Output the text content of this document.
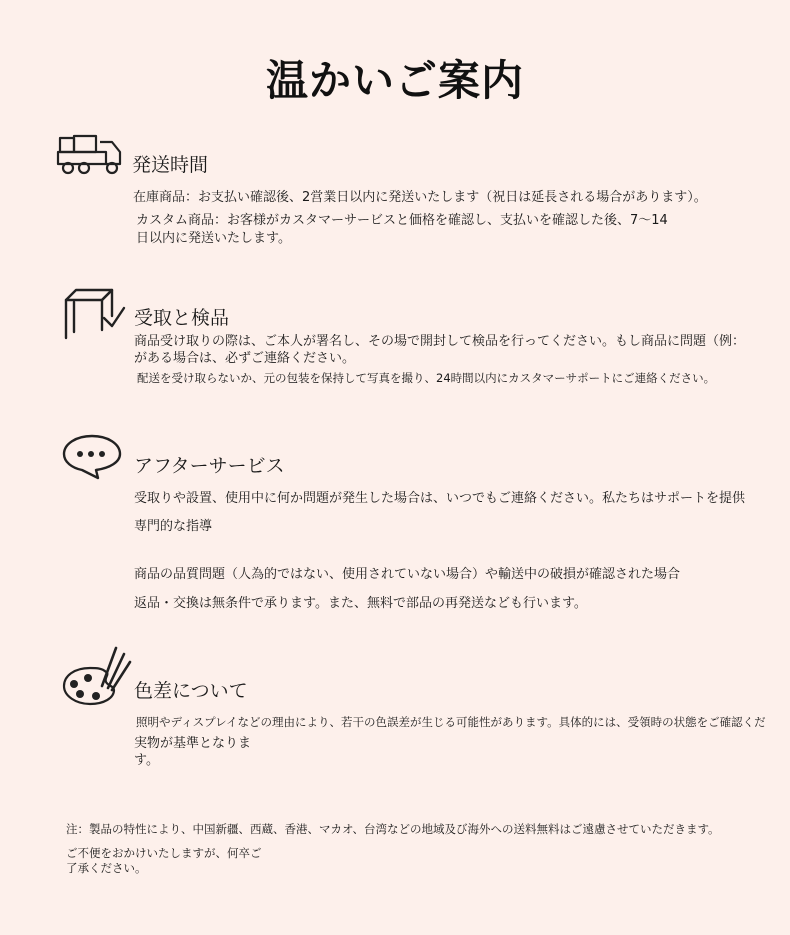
温かいご案内
発送時間
在庫商品：お支払い確認後、2営業日以内に発送いたします（祝日は延長される場合があります）。
カスタム商品：お客様がカスタマーサービスと価格を確認し、支払いを確認した後、7〜14
日以内に発送いたします。
受取と検品
商品受け取りの際は、ご本人が署名し、その場で開封して検品を行ってください。もし商品に問題（例：
がある場合は、必ずご連絡ください。
配送を受け取らないか、元の包装を保持して写真を撮り、24時間以内にカスタマーサポートにご連絡ください。
アフターサービス
受取りや設置、使用中に何か問題が発生した場合は、いつでもご連絡ください。私たちはサポートを提供
専門的な指導
商品の品質問題（人為的ではない、使用されていない場合）や輸送中の破損が確認された場合
返品・交換は無条件で承ります。また、無料で部品の再発送なども行います。
色差について
照明やディスプレイなどの理由により、若干の色誤差が生じる可能性があります。具体的には、受領時の状態をご確認くだ
実物が基準となりま
す。
注：製品の特性により、中国新疆、西蔵、香港、マカオ、台湾などの地域及び海外への送料無料はご遠慮させていただきます。
ご不便をおかけいたしますが、何卒ご
了承ください。
